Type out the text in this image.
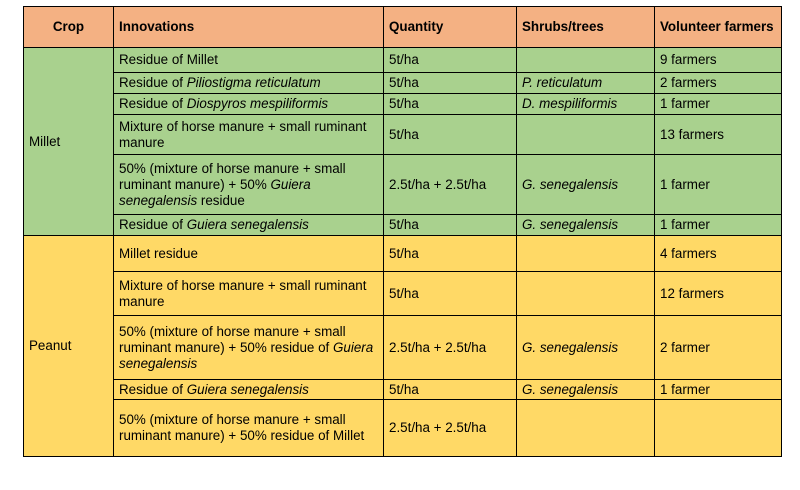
Crop	Innovations	Quantity	Shrubs/trees	Volunteer farmers
Millet	Residue of Millet	5t/ha		9 farmers
	Residue of Piliostigma reticulatum	5t/ha	P. reticulatum	2 farmers
	Residue of Diospyros mespiliformis	5t/ha	D. mespiliformis	1 farmer
	Mixture of horse manure + small ruminant manure	5t/ha		13 farmers
	50% (mixture of horse manure + small ruminant manure) + 50% Guiera senegalensis residue	2.5t/ha + 2.5t/ha	G. senegalensis	1 farmer
	Residue of Guiera senegalensis	5t/ha	G. senegalensis	1 farmer
Peanut	Millet residue	5t/ha		4 farmers
	Mixture of horse manure + small ruminant manure	5t/ha		12 farmers
	50% (mixture of horse manure + small ruminant manure) + 50% residue of Guiera senegalensis	2.5t/ha + 2.5t/ha	G. senegalensis	2 farmer
	Residue of Guiera senegalensis	5t/ha	G. senegalensis	1 farmer
	50% (mixture of horse manure + small ruminant manure) + 50% residue of Millet	2.5t/ha + 2.5t/ha		
